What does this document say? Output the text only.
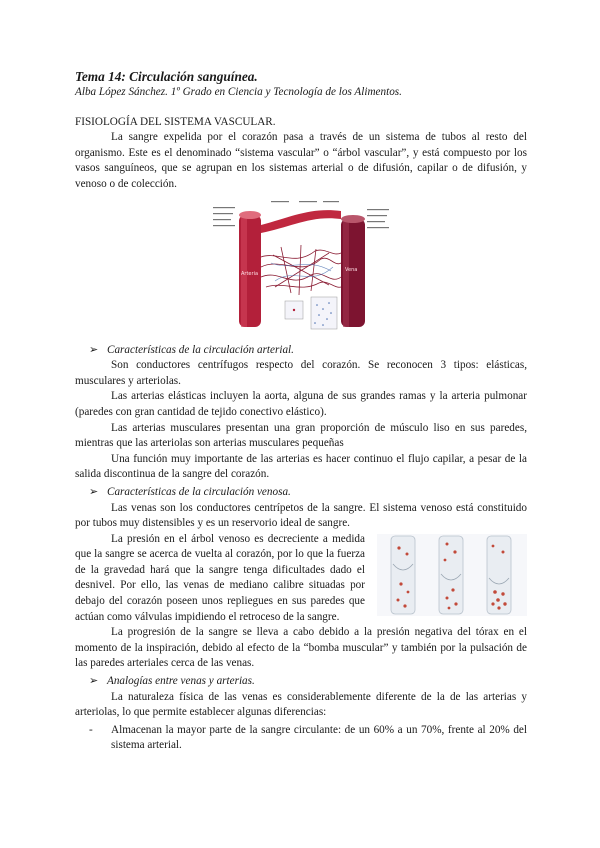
Tema 14: Circulación sanguínea.
Alba López Sánchez. 1º Grado en Ciencia y Tecnología de los Alimentos.
FISIOLOGÍA DEL SISTEMA VASCULAR.

La sangre expelida por el corazón pasa a través de un sistema de tubos al resto del organismo. Este es el denominado “sistema vascular” o “árbol vascular”, y está compuesto por los vasos sanguíneos, que se agrupan en los sistemas arterial o de difusión, capilar o de difusión, y venoso o de colección.

Arteria
Vena
➢ Características de la circulación arterial.

Son conductores centrífugos respecto del corazón. Se reconocen 3 tipos: elásticas, musculares y arteriolas.

Las arterias elásticas incluyen la aorta, alguna de sus grandes ramas y la arteria pulmonar (paredes con gran cantidad de tejido conectivo elástico).

Las arterias musculares presentan una gran proporción de músculo liso en sus paredes, mientras que las arteriolas son arterias musculares pequeñas

Una función muy importante de las arterias es hacer continuo el flujo capilar, a pesar de la salida discontinua de la sangre del corazón.

➢ Características de la circulación venosa.

Las venas son los conductores centrípetos de la sangre. El sistema venoso está constituido por tubos muy distensibles y es un reservorio ideal de sangre.

La presión en el árbol venoso es decreciente a medida que la sangre se acerca de vuelta al corazón, por lo que la fuerza de la gravedad hará que la sangre tenga dificultades dado el desnivel. Por ello, las venas de mediano calibre situadas por debajo del corazón poseen unos repliegues en sus paredes que actúan como válvulas impidiendo el retroceso de la sangre.

La progresión de la sangre se lleva a cabo debido a la presión negativa del tórax en el momento de la inspiración, debido al efecto de la “bomba muscular” y también por la pulsación de las paredes arteriales cerca de las venas.

➢ Analogías entre venas y arterias.

La naturaleza física de las venas es considerablemente diferente de la de las arterias y arteriolas, lo que permite establecer algunas diferencias:

- Almacenan la mayor parte de la sangre circulante: de un 60% a un 70%, frente al 20% del sistema arterial.
